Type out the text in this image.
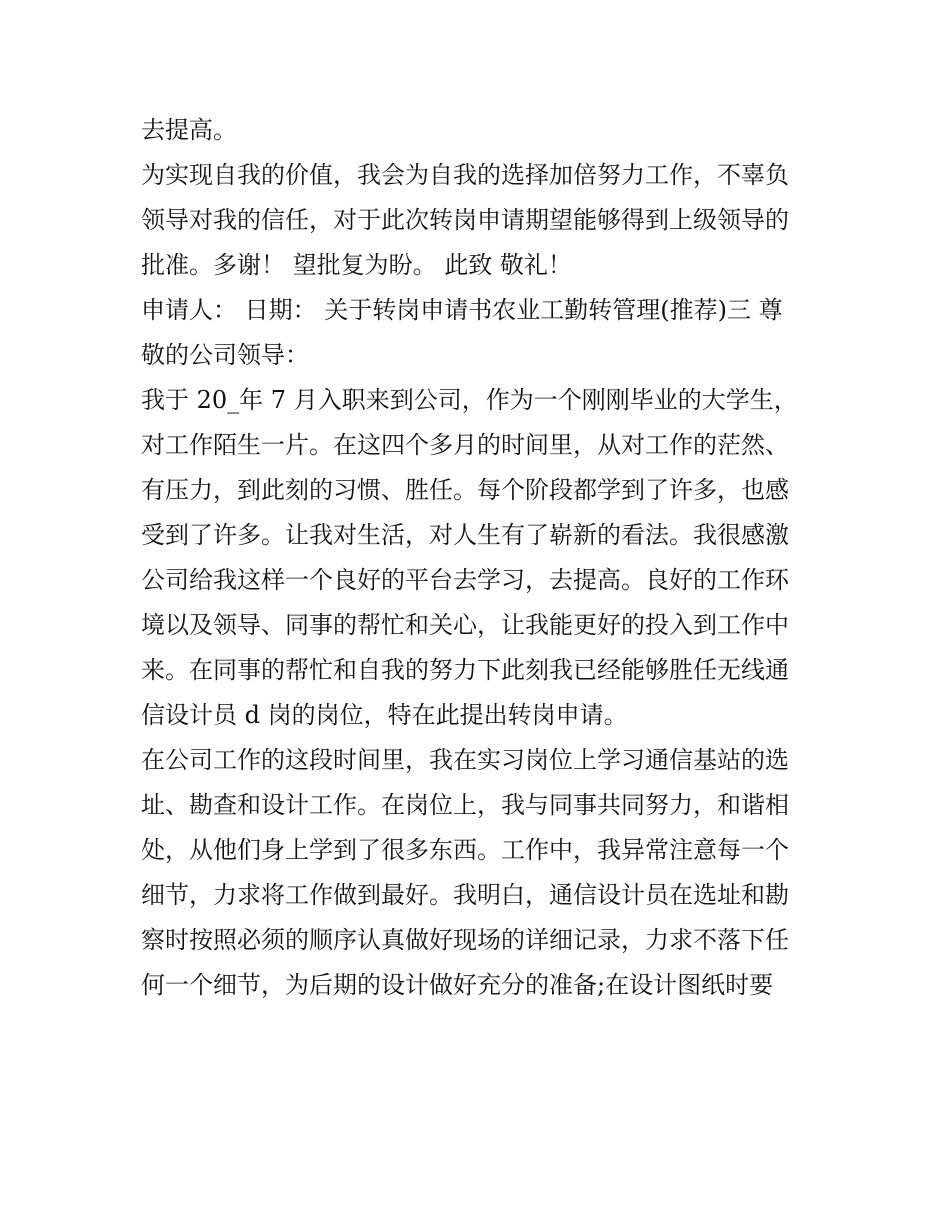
去提高。
为实现自我的价值，我会为自我的选择加倍努力工作，不辜负
领导对我的信任，对于此次转岗申请期望能够得到上级领导的
批准。多谢！ 望批复为盼。 此致 敬礼！
申请人： 日期： 关于转岗申请书农业工勤转管理(推荐)三 尊
敬的公司领导：
我于 20_年 7 月入职来到公司，作为一个刚刚毕业的大学生，
对工作陌生一片。在这四个多月的时间里，从对工作的茫然、
有压力，到此刻的习惯、胜任。每个阶段都学到了许多，也感
受到了许多。让我对生活，对人生有了崭新的看法。我很感激
公司给我这样一个良好的平台去学习，去提高。良好的工作环
境以及领导、同事的帮忙和关心，让我能更好的投入到工作中
来。在同事的帮忙和自我的努力下此刻我已经能够胜任无线通
信设计员 d 岗的岗位，特在此提出转岗申请。
在公司工作的这段时间里，我在实习岗位上学习通信基站的选
址、勘查和设计工作。在岗位上，我与同事共同努力，和谐相
处，从他们身上学到了很多东西。工作中，我异常注意每一个
细节，力求将工作做到最好。我明白，通信设计员在选址和勘
察时按照必须的顺序认真做好现场的详细记录，力求不落下任
何一个细节，为后期的设计做好充分的准备;在设计图纸时要
